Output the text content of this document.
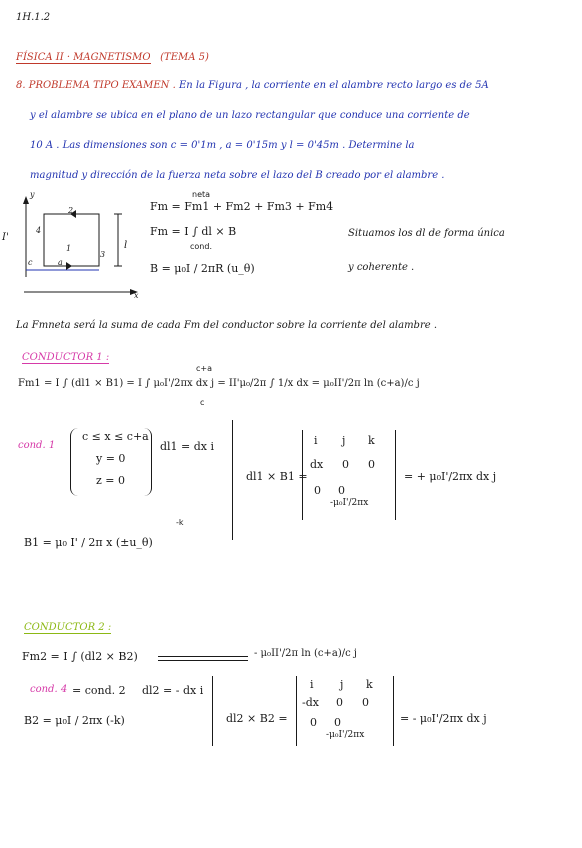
1H.1.2
FÍSICA II · MAGNETISMO (TEMA 5)
8. PROBLEMA TIPO EXAMEN . En la Figura , la corriente en el alambre recto largo es de 5A
y el alambre se ubica en el plano de un lazo rectangular que conduce una corriente de
10 A . Las dimensiones son c = 0'1m , a = 0'15m y l = 0'45m . Determine la
magnitud y dirección de la fuerza neta sobre el lazo del B creado por el alambre .
I'
y
x
l
c	a
1
2
3
4
neta
Fm = Fm1 + Fm2 + Fm3 + Fm4
Fm = I ∫ dl × B
cond.
B = μ₀I / 2πR (u_θ)
Situamos los dl de forma única
y coherente .
La Fmneta será la suma de cada Fm del conductor sobre la corriente del alambre .
CONDUCTOR 1 :
c+a
c
Fm1 = I ∫ (dl1 × B1) = I ∫ μ₀I'/2πx dx j = II'μ₀/2π ∫ 1/x dx = μ₀II'/2π ln (c+a)/c j
cond. 1
c ≤ x ≤ c+a
y = 0
z = 0
dl1 = dx i
dl1 × B1 =
i j k
dx 0 0
0 0
-μ₀I'/2πx
= + μ₀I'/2πx dx j
B1 = μ₀ I' / 2π x (±u_θ)
-k
CONDUCTOR 2 :
Fm2 = I ∫ (dl2 × B2)	- μ₀II'/2π ln (c+a)/c j
cond. 4 = cond. 2 dl2 = - dx i
B2 = μ₀I / 2πx (-k)	dl2 × B2 =
i j k
-dx 0 0
0 0
-μ₀I'/2πx
= - μ₀I'/2πx dx j
